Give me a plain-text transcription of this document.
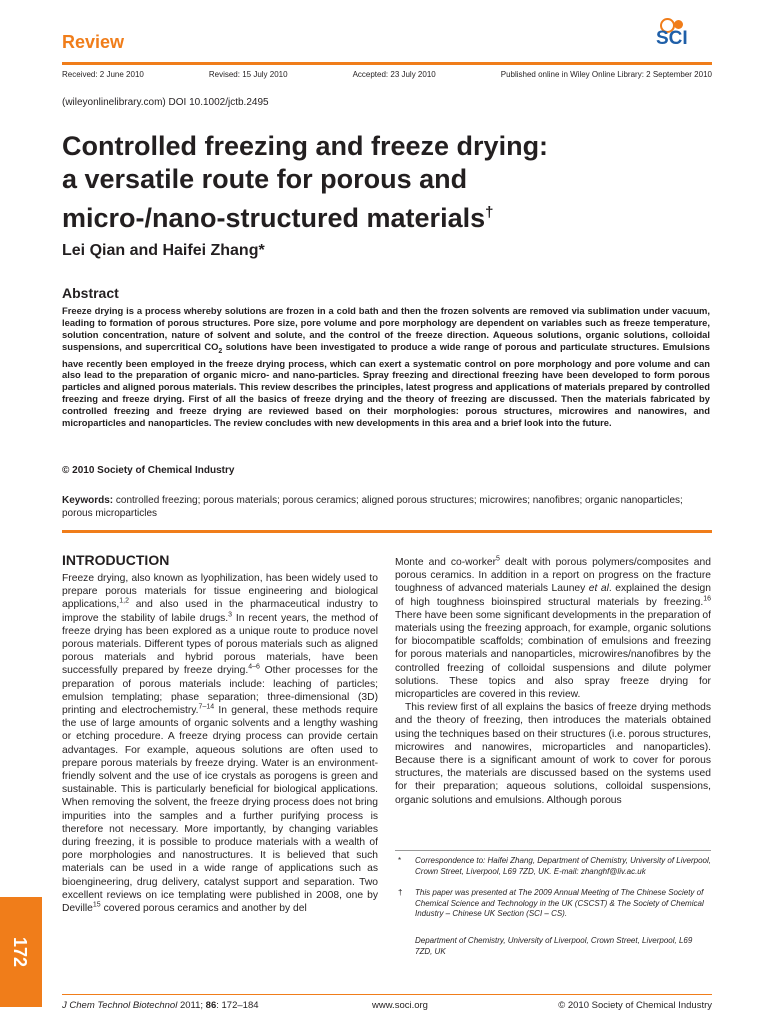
Review	SCI
Received: 2 June 2010	Revised: 15 July 2010	Accepted: 23 July 2010	Published online in Wiley Online Library: 2 September 2010
(wileyonlinelibrary.com) DOI 10.1002/jctb.2495
Controlled freezing and freeze drying:
a versatile route for porous and
micro-/nano-structured materials†
Lei Qian and Haifei Zhang*
Abstract
Freeze drying is a process whereby solutions are frozen in a cold bath and then the frozen solvents are removed via sublimation under vacuum, leading to formation of porous structures. Pore size, pore volume and pore morphology are dependent on variables such as freeze temperature, solution concentration, nature of solvent and solute, and the control of the freeze direction. Aqueous solutions, organic solutions, colloidal suspensions, and supercritical $CO_2$ solutions have been investigated to produce a wide range of porous and particulate structures. Emulsions have recently been employed in the freeze drying process, which can exert a systematic control on pore morphology and pore volume and can also lead to the preparation of organic micro- and nano-particles. Spray freezing and directional freezing have been developed to form porous particles and aligned porous materials. This review describes the principles, latest progress and applications of materials prepared by controlled freezing and freeze drying. First of all the basics of freeze drying and the theory of freezing are discussed. Then the materials fabricated by controlled freezing and freeze drying are reviewed based on their morphologies: porous structures, microwires and nanowires, and microparticles and nanoparticles. The review concludes with new developments in this area and a brief look into the future.
© 2010 Society of Chemical Industry
Keywords: controlled freezing; porous materials; porous ceramics; aligned porous structures; microwires; nanofibres; organic nanoparticles; porous microparticles
INTRODUCTION
Freeze drying, also known as lyophilization, has been widely used to prepare porous materials for tissue engineering and biological applications,$^{1,2}$ and also used in the pharmaceutical industry to improve the stability of labile drugs.$^3$ In recent years, the method of freeze drying has been explored as a unique route to produce novel porous materials. Different types of porous materials such as aligned porous materials and hybrid porous materials, have been successfully prepared by freeze drying.$^{4-6}$ Other processes for the preparation of porous materials include: leaching of particles; emulsion templating; phase separation; three-dimensional (3D) printing and electrochemistry.$^{7-14}$ In general, these methods require the use of large amounts of organic solvents and a lengthy washing or etching procedure. A freeze drying process can provide certain advantages. For example, aqueous solutions are often used to prepare porous materials by freeze drying. Water is an environment-friendly solvent and the use of ice crystals as porogens is green and sustainable. This is particularly beneficial for biological applications. When removing the solvent, the freeze drying process does not bring impurities into the samples and a further purifying process is therefore not necessary. More importantly, by changing variables during freezing, it is possible to produce materials with a wealth of pore morphologies and nanostructures. It is believed that such materials can be used in a wide range of applications such as bioengineering, drug delivery, catalyst support and separation. Two excellent reviews on ice templating were published in 2008, one by Deville$^{15}$ covered porous ceramics and another by del
Monte and co-worker$^5$ dealt with porous polymers/composites and porous ceramics. In addition in a report on progress on the fracture toughness of advanced materials Launey et al. explained the design of high toughness bioinspired structural materials by freezing.$^{16}$ There have been some significant developments in the preparation of materials using the freezing approach, for example, organic solutions for biocompatible scaffolds; combination of emulsions and freezing for porous materials and nanoparticles, microwires/nanofibres by the controlled freezing of colloidal suspensions and dilute polymer solutions. These topics and also spray freeze drying for microparticles are covered in this review.
This review first of all explains the basics of freeze drying methods and the theory of freezing, then introduces the materials obtained using the techniques based on their structures (i.e. porous structures, microwires and nanowires, microparticles and nanoparticles). Because there is a significant amount of work to cover for porous structures, the materials are discussed based on the systems used for their preparation; aqueous solutions, colloidal suspensions, organic solutions and emulsions. Although porous
* Correspondence to: Haifei Zhang, Department of Chemistry, University of Liverpool, Crown Street, Liverpool, L69 7ZD, UK. E-mail: zhanghf@liv.ac.uk
† This paper was presented at The 2009 Annual Meeting of The Chinese Society of Chemical Science and Technology in the UK (CSCST) & The Society of Chemical Industry – Chinese UK Section (SCI – CS).
Department of Chemistry, University of Liverpool, Crown Street, Liverpool, L69 7ZD, UK
172
J Chem Technol Biotechnol 2011; 86: 172–184	www.soci.org	© 2010 Society of Chemical Industry
